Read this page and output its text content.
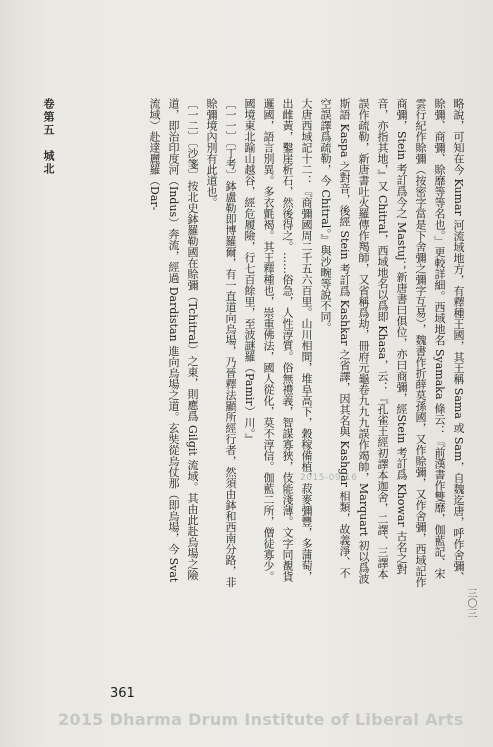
卷第五　城北	略說，可知在今 Kumar 河流域地方，有釋種王國，其王稱 Sama 或 Sam，自魏迄唐，呼作舍彌、賒彌、商彌、賒靡等等名也。」更較詳細。西域地名 Syamaka 條云：『前漢書作雙靡，伽藍記、宋雲行紀作賒彌（按密字當是下舍彌之彌字互易），魏書作折薛莫孫國，又作賒彌，又作舍彌，西域記作商彌，Stein 考訂爲今之 Mastuj；新唐書曰俱位，亦曰商彌，經Stein 考訂爲 Khowar 古名之對音，亦指其地，』又 Chitral，西域地名以爲即 Khasa，云：『孔雀王經初譯本迦舍，二譯、三譯本誤作疏勒，新唐書吐火羅傳作羯師，又省稱爲劫，冊府元龜卷九九九誤作竭帥，Marquart 初以爲波斯語 Kaspa 之對音，後經 Stein 考訂爲 Kashkar 之省譯，因其名與 Kashgar 相類，故義淨、不空誤譯爲疏勒，今 Chitral。』與沙畹等說不同。

大唐西域記十二：『商彌國周二千五六百里。山川相間，堆阜高下，穀稼備植，菽麥彌豐，多蒲萄，出雌黃，鑿崖析石，然後得之。……俗急，人性淳質。俗無禮義，智謀寡狹，伎能淺薄。文字同覩貨邏國，語言別異。多衣氈褐。其王釋種也，崇重佛法，國人從化，莫不淳信。伽藍二所，僧徒寡少。國境東北踰山越谷，經危履險，行七百餘里，至波謎羅（Pamir）川。』

〔一一〕〔丁考〕鉢盧勒即博羅爾，有一直道向烏場，乃晉釋法顯所經行者，然須由鉢和西南分路，非賒彌境內別有此道也。

〔一二〕〔沙箋〕按北史鉢羅勒國在賒彌（Tchitral）之東，則應爲 Gilgit 流域。其由此赴烏場之險道，即治印度河（Indus）奔流，經過 Dardistan 進向烏場之道。玄奘從烏仗那（即烏場，今 Svat 流域）赴達麗羅（Dar-

2015-09-16
三〇三
361
2015 Dharma Drum Institute of Liberal Arts
